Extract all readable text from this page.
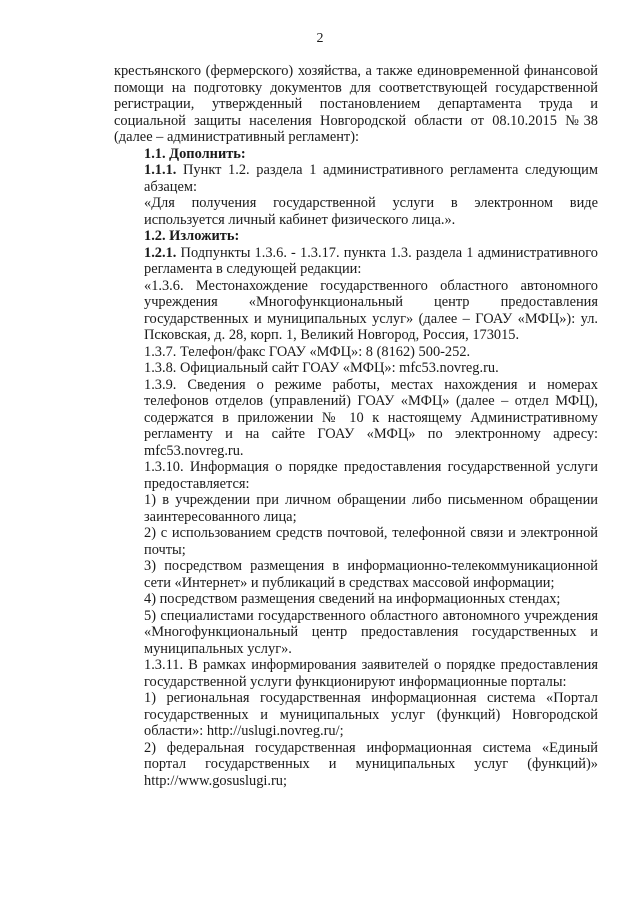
2

крестьянского (фермерского) хозяйства, а также единовременной финансовой

помощи на подготовку документов для соответствующей государственной

регистрации, утвержденный постановлением департамента труда и

социальной защиты населения Новгородской области от 08.10.2015 №38

(далее – административный регламент):

1.1. Дополнить:

1.1.1. Пункт 1.2. раздела 1 административного регламента следующим

абзацем:

«Для получения государственной услуги в электронном виде

используется личный кабинет физического лица.».

1.2. Изложить:

1.2.1. Подпункты 1.3.6. - 1.3.17. пункта 1.3. раздела 1 административного

регламента в следующей редакции:

«1.3.6. Местонахождение государственного областного автономного

учреждения «Многофункциональный центр предоставления

государственных и муниципальных услуг» (далее – ГОАУ «МФЦ»): ул.

Псковская, д. 28, корп. 1, Великий Новгород, Россия, 173015.

1.3.7. Телефон/факс ГОАУ «МФЦ»: 8 (8162) 500-252.

1.3.8. Официальный сайт ГОАУ «МФЦ»: mfc53.novreg.ru.

1.3.9. Сведения о режиме работы, местах нахождения и номерах

телефонов отделов (управлений) ГОАУ «МФЦ» (далее – отдел МФЦ),

содержатся в приложении № 10 к настоящему Административному

регламенту и на сайте ГОАУ «МФЦ» по электронному адресу:

mfc53.novreg.ru.

1.3.10. Информация о порядке предоставления государственной услуги

предоставляется:

1) в учреждении при личном обращении либо письменном обращении

заинтересованного лица;

2) с использованием средств почтовой, телефонной связи и электронной

почты;

3) посредством размещения в информационно-телекоммуникационной

сети «Интернет» и публикаций в средствах массовой информации;

4) посредством размещения сведений на информационных стендах;

5) специалистами государственного областного автономного учреждения

«Многофункциональный центр предоставления государственных и

муниципальных услуг».

1.3.11. В рамках информирования заявителей о порядке предоставления

государственной услуги функционируют информационные порталы:

1) региональная государственная информационная система «Портал

государственных и муниципальных услуг (функций) Новгородской

области»: http://uslugi.novreg.ru/;

2) федеральная государственная информационная система «Единый

портал государственных и муниципальных услуг (функций)»

http://www.gosuslugi.ru;
